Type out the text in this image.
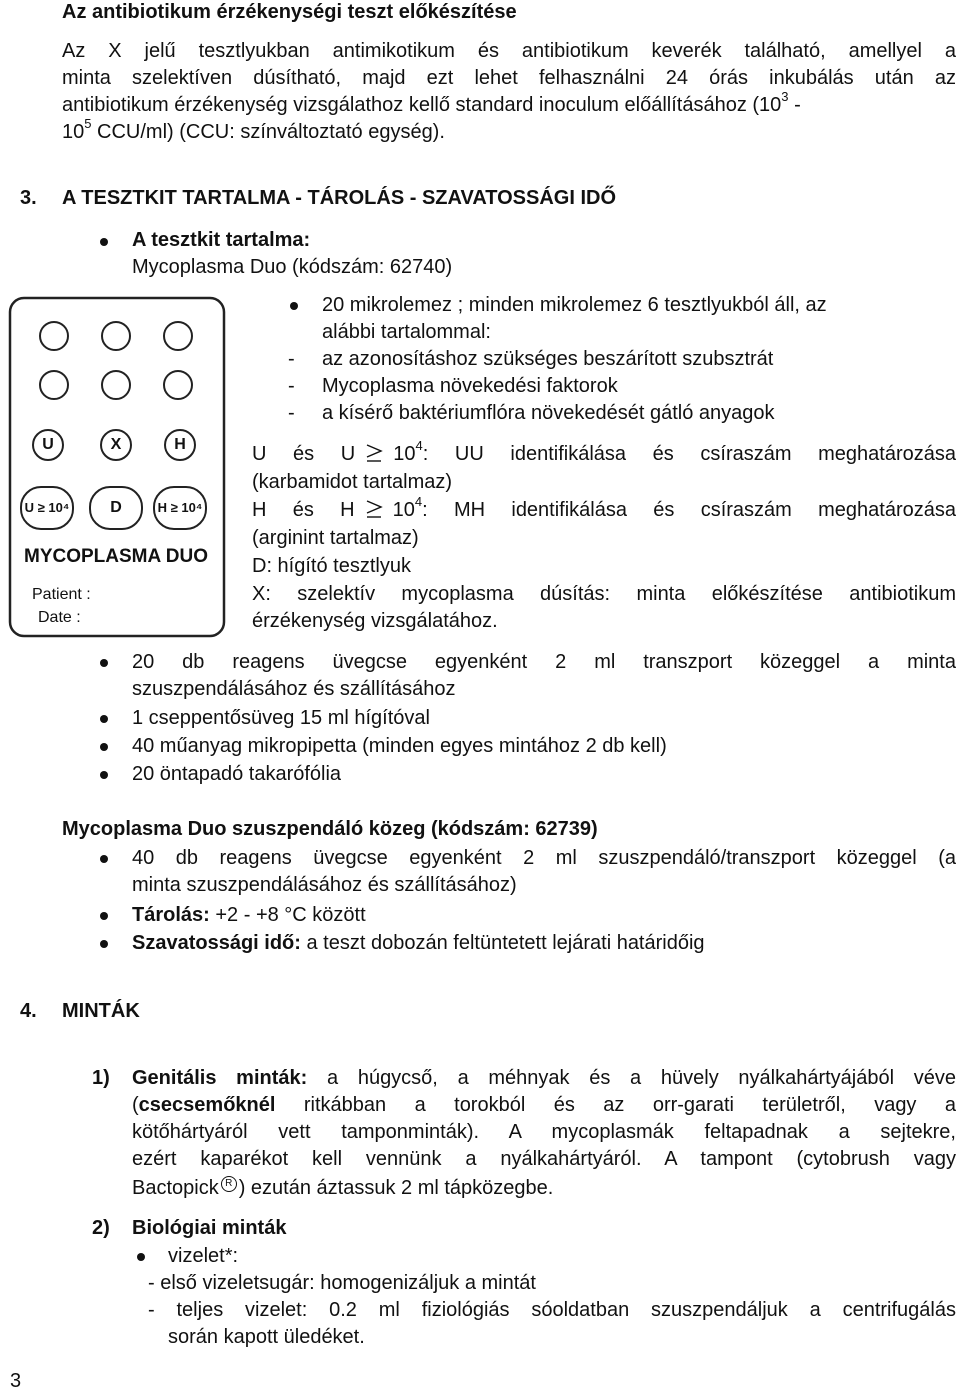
Az antibiotikum érzékenységi teszt előkészítése
Az X jelű tesztlyukban antimikotikum és antibiotikum keverék található, amellyel a
minta szelektíven dúsítható, majd ezt lehet felhasználni 24 órás inkubálás után az
antibiotikum érzékenység vizsgálathoz kellő standard inoculum előállításához ($10^3$ -
$10^5$ CCU/ml) (CCU: színváltoztató egység).
3. A TESZTKIT TARTALMA - TÁROLÁS - SZAVATOSSÁGI IDŐ
A tesztkit tartalma:
Mycoplasma Duo (kódszám: 62740)
U	X	H
U ≥ 10⁴	D	H ≥ 10⁴
MYCOPLASMA DUO
Patient :
Date :
20 mikrolemez ; minden mikrolemez 6 tesztlyukból áll, az
alábbi tartalommal:
- az azonosításhoz szükséges beszárított szubsztrát
- Mycoplasma növekedési faktorok
- a kísérő baktériumflóra növekedését gátló anyagok
U és U $10^4$: UU identifikálása és csíraszám meghatározása
(karbamidot tartalmaz)
H és H $10^4$: MH identifikálása és csíraszám meghatározása
(arginint tartalmaz)
D: hígító tesztlyuk
X: szelektív mycoplasma dúsítás: minta előkészítése antibiotikum
érzékenység vizsgálatához.
20 db reagens üvegcse egyenként 2 ml transzport közeggel a minta
szuszpendálásához és szállításához
1 cseppentősüveg 15 ml hígítóval
40 műanyag mikropipetta (minden egyes mintához 2 db kell)
20 öntapadó takarófólia
Mycoplasma Duo szuszpendáló közeg (kódszám: 62739)
40 db reagens üvegcse egyenként 2 ml szuszpendáló/transzport közeggel (a
minta szuszpendálásához és szállításához)
Tárolás: +2 - +8 °C között
Szavatossági idő: a teszt dobozán feltüntetett lejárati határidőig
4. MINTÁK
1) Genitális minták: a húgycső, a méhnyak és a hüvely nyálkahártyájából véve
(csecsemőknél ritkábban a torokból és az orr-garati területről, vagy a
kötőhártyáról vett tamponminták). A mycoplasmák feltapadnak a sejtekre,
ezért kaparékot kell vennünk a nyálkahártyáról. A tampont (cytobrush vagy
Bactopick R ) ezután áztassuk 2 ml tápközegbe.
2) Biológiai minták
vizelet*:
- első vizeletsugár: homogenizáljuk a mintát
- teljes vizelet: 0.2 ml fiziológiás sóoldatban szuszpendáljuk a centrifugálás
során kapott üledéket.
3
